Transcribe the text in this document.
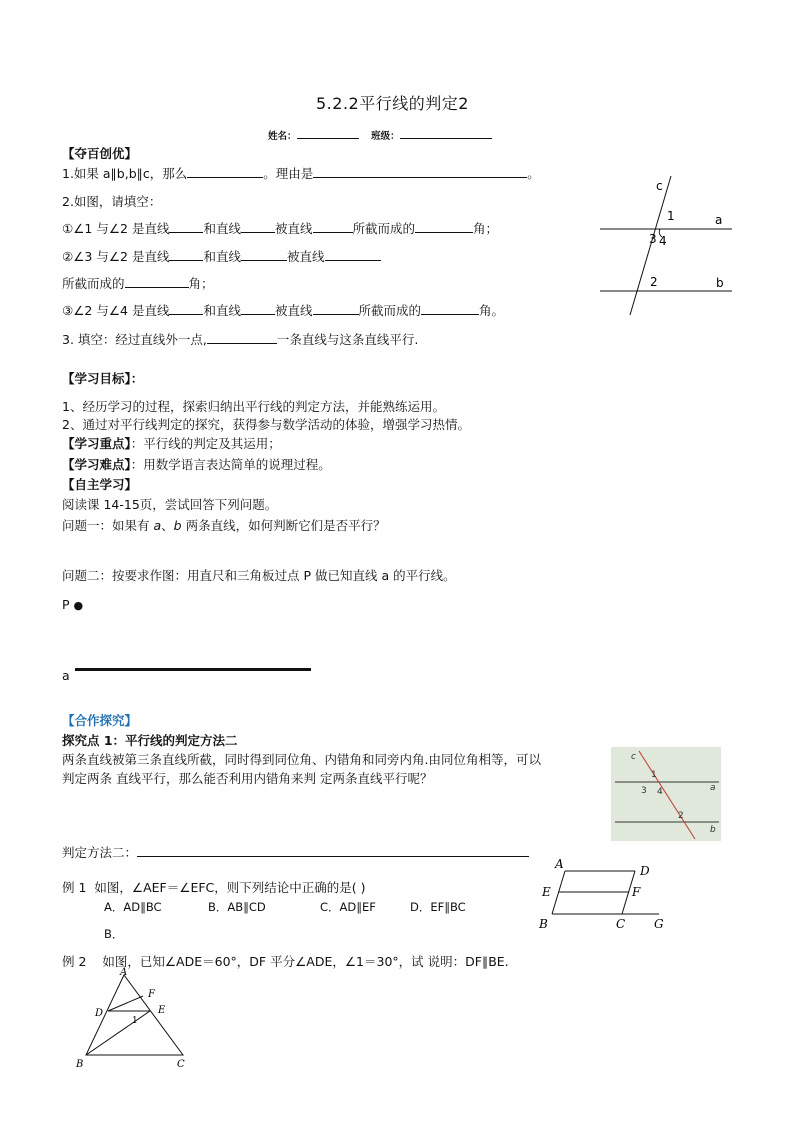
5.2.2平行线的判定2
姓名：	班级：
【夺百创优】
1.如果 a∥b,b∥c，那么	。理由是	。
2.如图，请填空：
①∠1 与∠2 是直线	和直线	被直线	所截而成的	角；
②∠3 与∠2 是直线	和直线	被直线
所截而成的	角；
③∠2 与∠4 是直线	和直线	被直线	所截而成的	角。
3. 填空：经过直线外一点,	一条直线与这条直线平行.
c
a
b
1
3 4
2
【学习目标】：
1、经历学习的过程，探索归纳出平行线的判定方法，并能熟练运用。
2、通过对平行线判定的探究，获得参与数学活动的体验，增强学习热情。
【学习重点】：平行线的判定及其运用；
【学习难点】：用数学语言表达简单的说理过程。
【自主学习】
阅读课 14-15页，尝试回答下列问题。
问题一：如果有 a、b 两条直线，如何判断它们是否平行？
问题二：按要求作图：用直尺和三角板过点 P 做已知直线 a 的平行线。
P ●
a
【合作探究】
探究点 1：平行线的判定方法二
两条直线被第三条直线所截，同时得到同位角、内错角和同旁内角.由同位角相等，可以
判定两条 直线平行，那么能否利用内错角来判 定两条直线平行呢？
判定方法二：
c
a
b
1
3 4
2
例 1 如图，∠AEF＝∠EFC，则下列结论中正确的是( )
A．AD∥BC	B．AB∥CD	C．AD∥EF	D．EF∥BC
B．
A	D
E	F
B	C G
例 2 如图，已知∠ADE＝60°，DF 平分∠ADE，∠1＝30°，试 说明：DF∥BE.
A
F
E
D
1
B	C
